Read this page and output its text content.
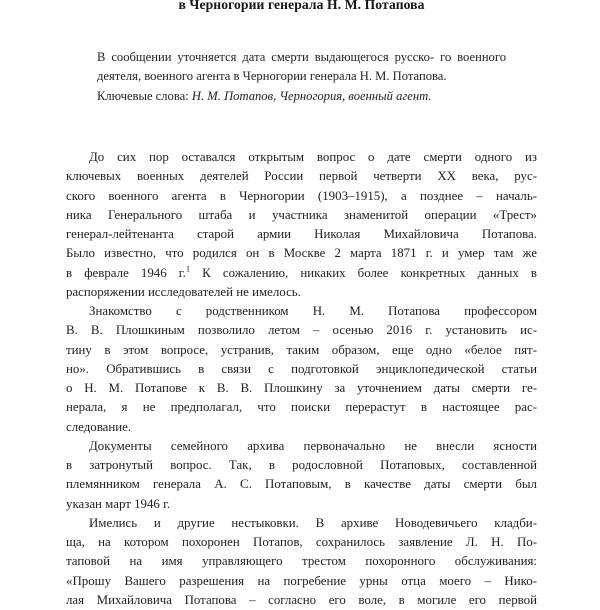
в Черногории генерала Н. М. Потапова

В сообщении уточняется дата смерти выдающегося русско- го военного деятеля, военного агента в Черногории генерала Н. М. Потапова.

Ключевые слова: Н. М. Потапов, Черногория, военный агент.

До сих пор оставался открытым вопрос о дате смерти одного из
ключевых военных деятелей России первой четверти XX века, рус-
ского военного агента в Черногории (1903–1915), а позднее – началь-
ника Генерального штаба и участника знаменитой операции «Трест»
генерал-лейтенанта старой армии Николая Михайловича Потапова.
Было известно, что родился он в Москве 2 марта 1871 г. и умер там же
в феврале 1946 г.$^1$ К сожалению, никаких более конкретных данных в
распоряжении исследователей не имелось.

Знакомство с родственником Н. М. Потапова профессором
В. В. Плошкиным позволило летом – осенью 2016 г. установить ис-
тину в этом вопросе, устранив, таким образом, еще одно «белое пят-
но». Обратившись в связи с подготовкой энциклопедической статьи
о Н. М. Потапове к В. В. Плошкину за уточнением даты смерти ге-
нерала, я не предполагал, что поиски перерастут в настоящее рас-
следование.

Документы семейного архива первоначально не внесли ясности
в затронутый вопрос. Так, в родословной Потаповых, составленной
племянником генерала А. С. Потаповым, в качестве даты смерти был
указан март 1946 г.

Имелись и другие нестыковки. В архиве Новодевичьего кладби-
ща, на котором похоронен Потапов, сохранилось заявление Л. Н. По-
таповой на имя управляющего трестом похоронного обслуживания:
«Прошу Вашего разрешения на погребение урны отца моего – Нико-
лая Михайловича Потапова – согласно его воле, в могиле его первой
